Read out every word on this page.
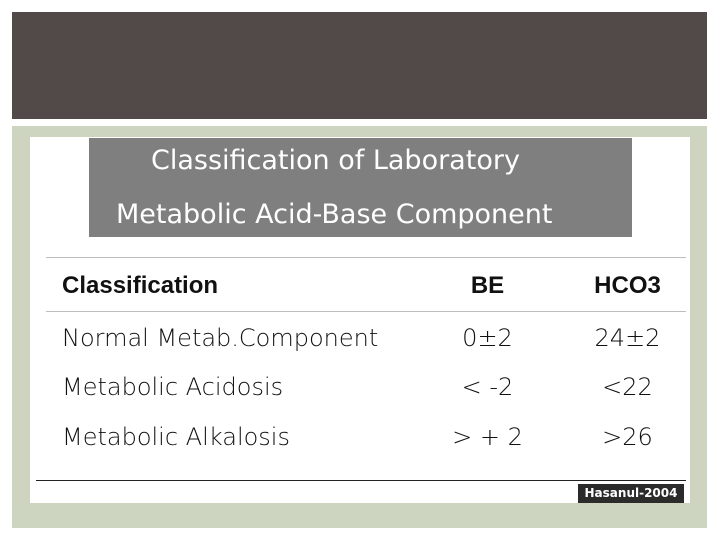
Classification of Laboratory
Metabolic Acid-Base Component
Classification	BE	HCO3
Normal Metab.Component	0±2	24±2
Metabolic Acidosis	< -2	<22
Metabolic Alkalosis	> + 2	>26
Hasanul-2004
